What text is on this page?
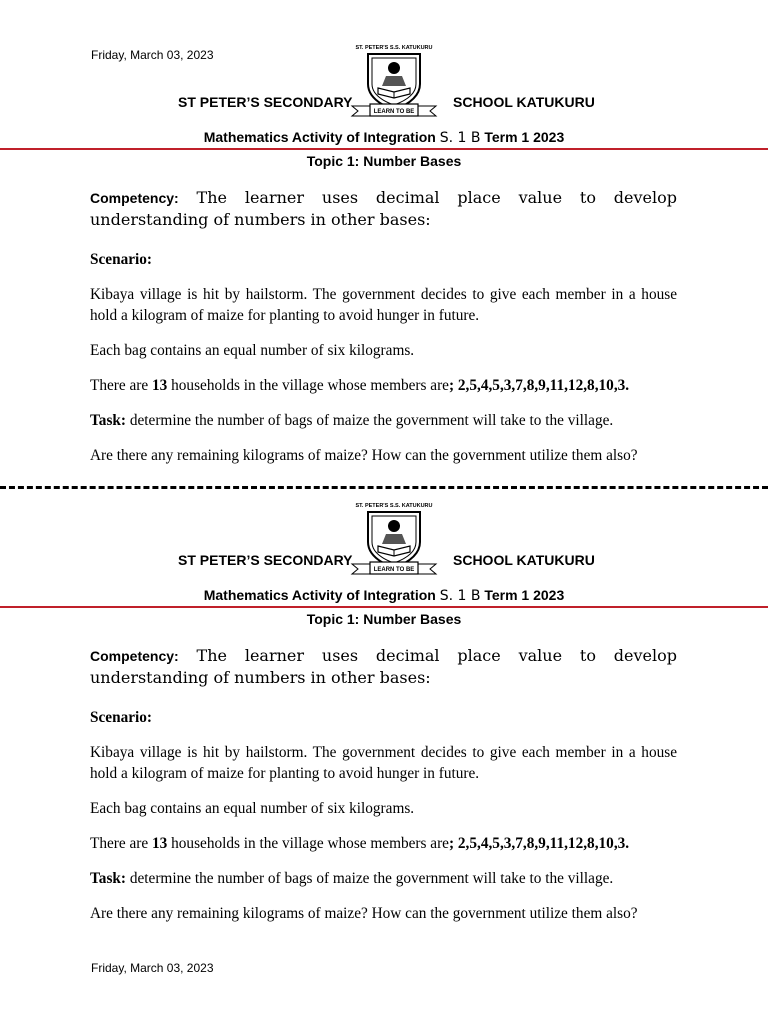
Friday, March 03, 2023	ST. PETER'S S.S. KATUKURU
LEARN TO BE
ST PETER’S SECONDARY	SCHOOL KATUKURU
Mathematics Activity of Integration S. 1 B Term 1 2023
Topic 1: Number Bases
Competency: The learner uses decimal place value to develop understanding of numbers in other bases:
Scenario:
Kibaya village is hit by hailstorm. The government decides to give each member in a house hold a kilogram of maize for planting to avoid hunger in future.
Each bag contains an equal number of six kilograms.
There are 13 households in the village whose members are; 2,5,4,5,3,7,8,9,11,12,8,10,3.
Task: determine the number of bags of maize the government will take to the village.
Are there any remaining kilograms of maize? How can the government utilize them also?
ST. PETER'S S.S. KATUKURU
LEARN TO BE
ST PETER’S SECONDARY	SCHOOL KATUKURU
Mathematics Activity of Integration S. 1 B Term 1 2023
Topic 1: Number Bases
Competency: The learner uses decimal place value to develop understanding of numbers in other bases:
Scenario:
Kibaya village is hit by hailstorm. The government decides to give each member in a house hold a kilogram of maize for planting to avoid hunger in future.
Each bag contains an equal number of six kilograms.
There are 13 households in the village whose members are; 2,5,4,5,3,7,8,9,11,12,8,10,3.
Task: determine the number of bags of maize the government will take to the village.
Are there any remaining kilograms of maize? How can the government utilize them also?
Friday, March 03, 2023
